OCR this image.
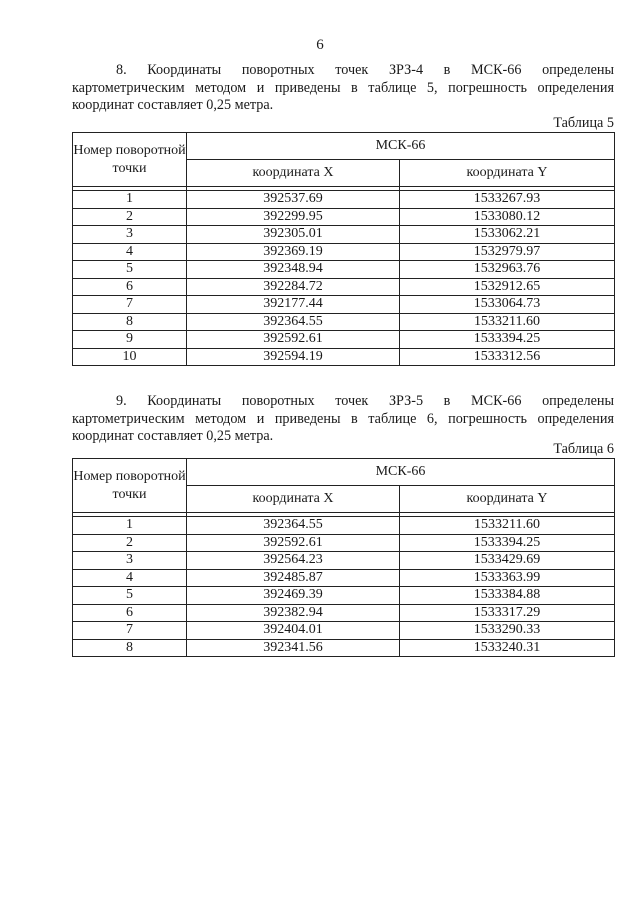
6
8. Координаты поворотных точек ЗРЗ-4 в МСК-66 определены
картометрическим методом и приведены в таблице 5, погрешность определения
координат составляет 0,25 метра.
Таблица 5
Номер поворотной точки	МСК-66	
	координата X	координата Y

1	392537.69	1533267.93
2	392299.95	1533080.12
3	392305.01	1533062.21
4	392369.19	1532979.97
5	392348.94	1532963.76
6	392284.72	1532912.65
7	392177.44	1533064.73
8	392364.55	1533211.60
9	392592.61	1533394.25
10	392594.19	1533312.56
9. Координаты поворотных точек ЗРЗ-5 в МСК-66 определены
картометрическим методом и приведены в таблице 6, погрешность определения
координат составляет 0,25 метра.
Таблица 6
Номер поворотной точки	МСК-66	
	координата X	координата Y

1	392364.55	1533211.60
2	392592.61	1533394.25
3	392564.23	1533429.69
4	392485.87	1533363.99
5	392469.39	1533384.88
6	392382.94	1533317.29
7	392404.01	1533290.33
8	392341.56	1533240.31
